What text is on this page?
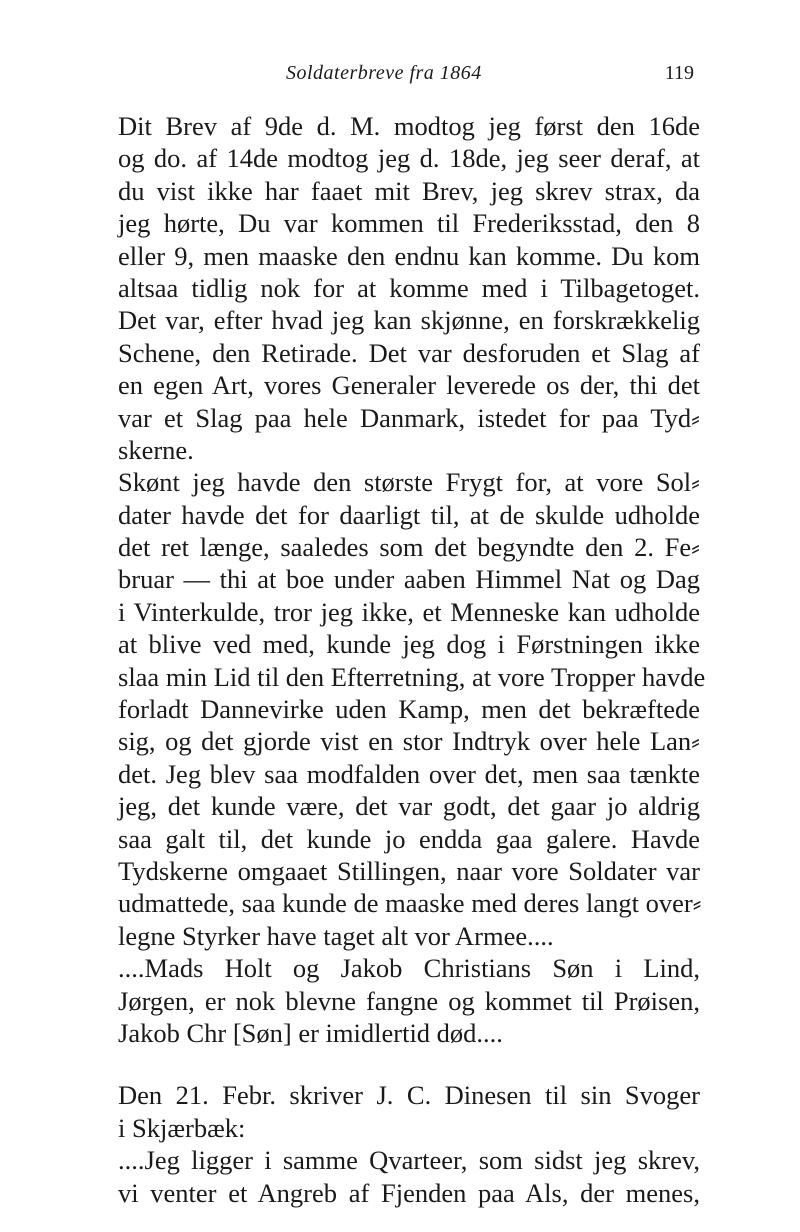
Soldaterbreve fra 1864	119
Dit Brev af 9de d. M. modtog jeg først den 16de
og do. af 14de modtog jeg d. 18de, jeg seer deraf, at
du vist ikke har faaet mit Brev, jeg skrev strax, da
jeg hørte, Du var kommen til Frederiksstad, den 8
eller 9, men maaske den endnu kan komme. Du kom
altsaa tidlig nok for at komme med i Tilbagetoget.
Det var, efter hvad jeg kan skjønne, en forskrækkelig
Schene, den Retirade. Det var desforuden et Slag af
en egen Art, vores Generaler leverede os der, thi det
var et Slag paa hele Danmark, istedet for paa Tyd⸗
skerne.
Skønt jeg havde den største Frygt for, at vore Sol⸗
dater havde det for daarligt til, at de skulde udholde
det ret længe, saaledes som det begyndte den 2. Fe⸗
bruar — thi at boe under aaben Himmel Nat og Dag
i Vinterkulde, tror jeg ikke, et Menneske kan udholde
at blive ved med, kunde jeg dog i Førstningen ikke
slaa min Lid til den Efterretning, at vore Tropper havde
forladt Dannevirke uden Kamp, men det bekræftede
sig, og det gjorde vist en stor Indtryk over hele Lan⸗
det. Jeg blev saa modfalden over det, men saa tænkte
jeg, det kunde være, det var godt, det gaar jo aldrig
saa galt til, det kunde jo endda gaa galere. Havde
Tydskerne omgaaet Stillingen, naar vore Soldater var
udmattede, saa kunde de maaske med deres langt over⸗
legne Styrker have taget alt vor Armee....
....Mads Holt og Jakob Christians Søn i Lind,
Jørgen, er nok blevne fangne og kommet til Prøisen,
Jakob Chr [Søn] er imidlertid død....
Den 21. Febr. skriver J. C. Dinesen til sin Svoger
i Skjærbæk:
....Jeg ligger i samme Qvarteer, som sidst jeg skrev,
vi venter et Angreb af Fjenden paa Als, der menes,
